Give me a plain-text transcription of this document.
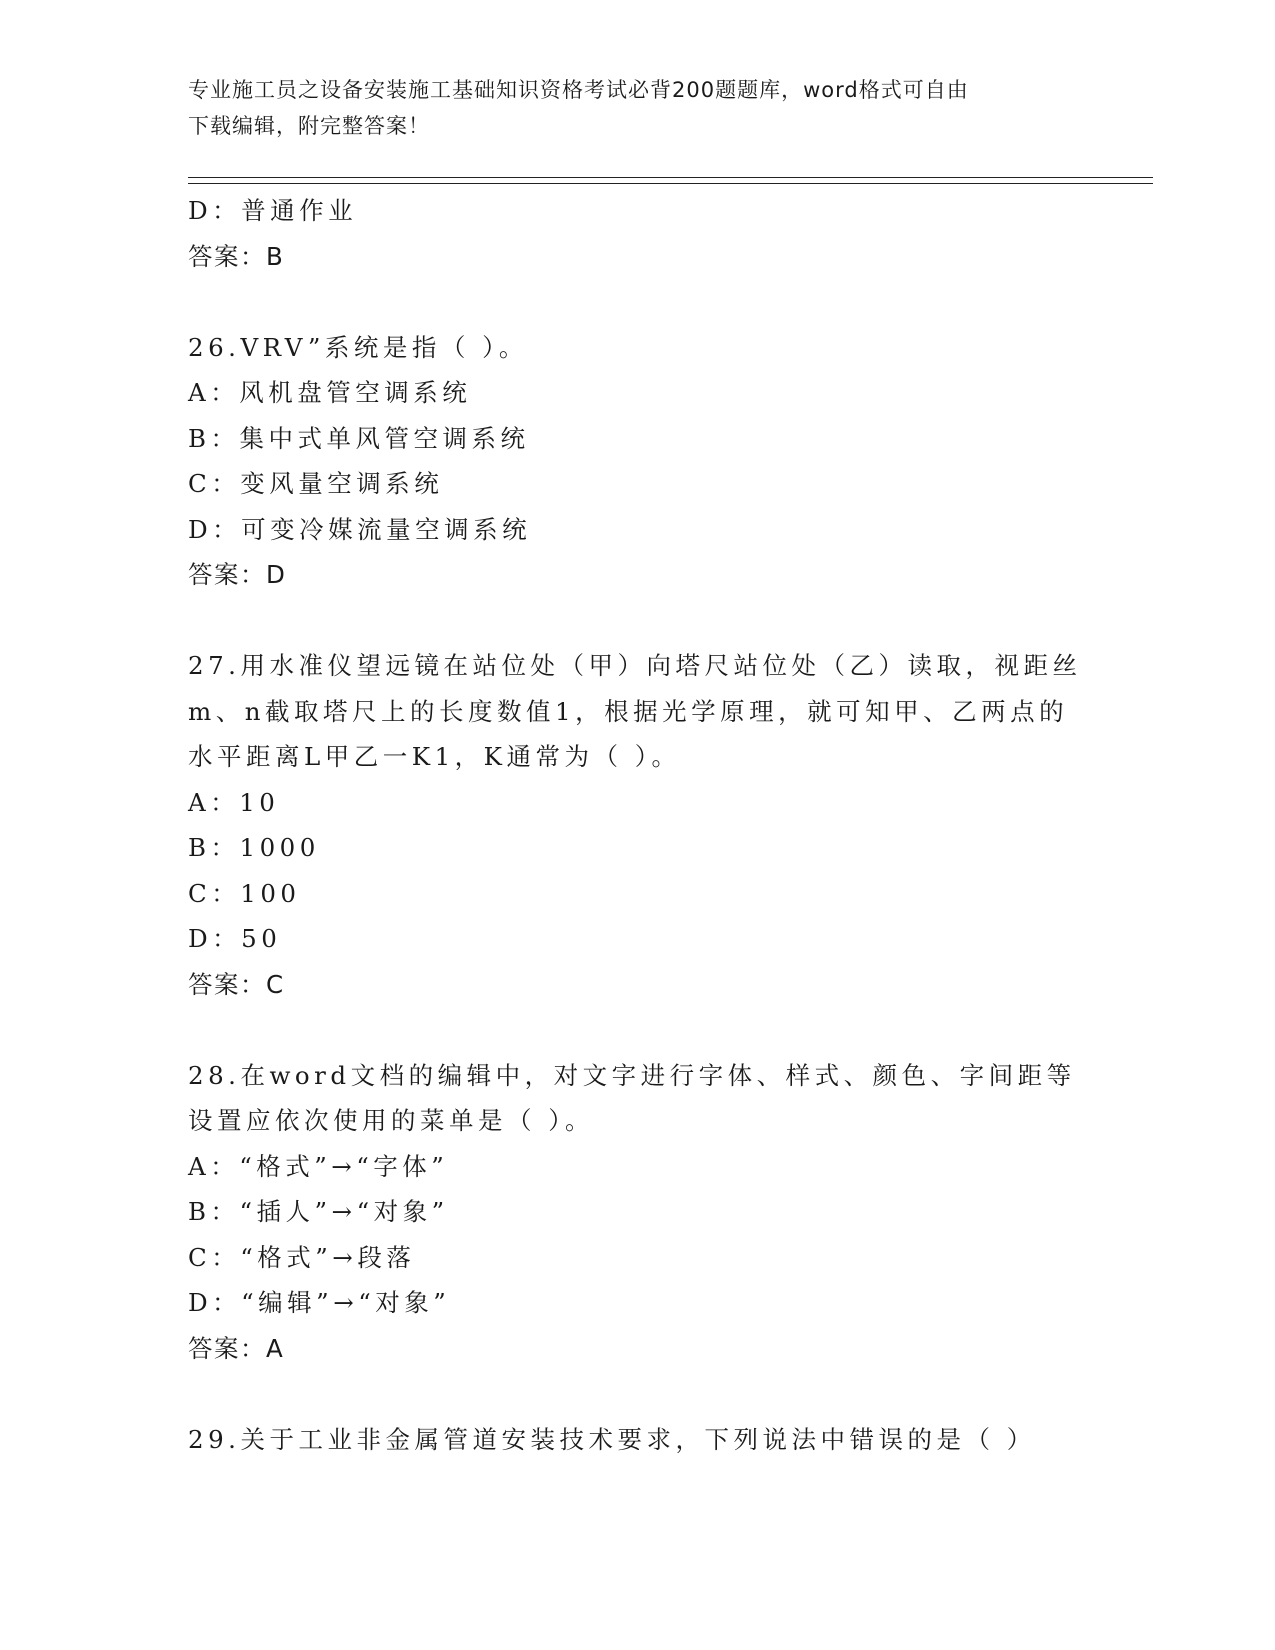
专业施工员之设备安装施工基础知识资格考试必背200题题库，word格式可自由
下载编辑，附完整答案！
D：普通作业
答案：B
26.VRV”系统是指（ ）。
A：风机盘管空调系统
B：集中式单风管空调系统
C：变风量空调系统
D：可变冷媒流量空调系统
答案：D
27.用水准仪望远镜在站位处（甲）向塔尺站位处（乙）读取，视距丝
m、n截取塔尺上的长度数值1，根据光学原理，就可知甲、乙两点的
水平距离L甲乙一K1，K通常为（ ）。
A：10
B：1000
C：100
D：50
答案：C
28.在word文档的编辑中，对文字进行字体、样式、颜色、字间距等
设置应依次使用的菜单是（ ）。
A：“格式”→“字体”
B：“插人”→“对象”
C：“格式”→段落
D：“编辑”→“对象”
答案：A
29.关于工业非金属管道安装技术要求，下列说法中错误的是（ ）
